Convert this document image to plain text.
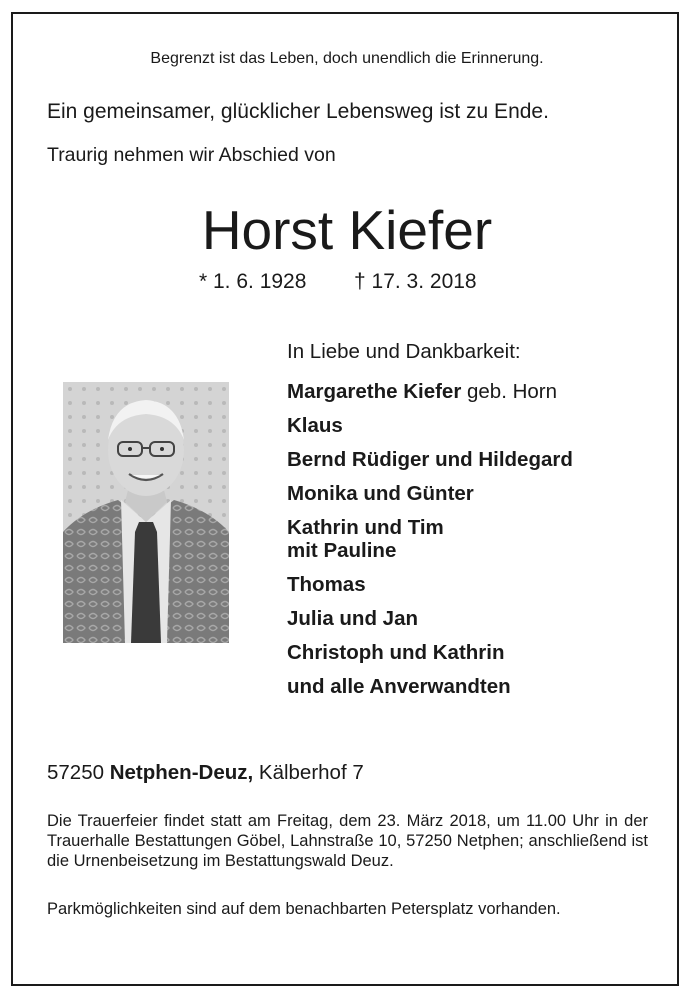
Begrenzt ist das Leben, doch unendlich die Erinnerung.
Ein gemeinsamer, glücklicher Lebensweg ist zu Ende.
Traurig nehmen wir Abschied von
Horst Kiefer
* 1. 6. 1928 † 17. 3. 2018
In Liebe und Dankbarkeit:
Margarethe Kiefer geb. Horn
Klaus
Bernd Rüdiger und Hildegard
Monika und Günter
Kathrin und Tim
mit Pauline
Thomas
Julia und Jan
Christoph und Kathrin
und alle Anverwandten
57250 Netphen-Deuz, Kälberhof 7
Die Trauerfeier findet statt am Freitag, dem 23. März 2018, um 11.00 Uhr in der Trauerhalle Bestattungen Göbel, Lahnstraße 10, 57250 Netphen; anschließend ist die Urnenbeisetzung im Bestattungswald Deuz.
Parkmöglichkeiten sind auf dem benachbarten Petersplatz vorhanden.
